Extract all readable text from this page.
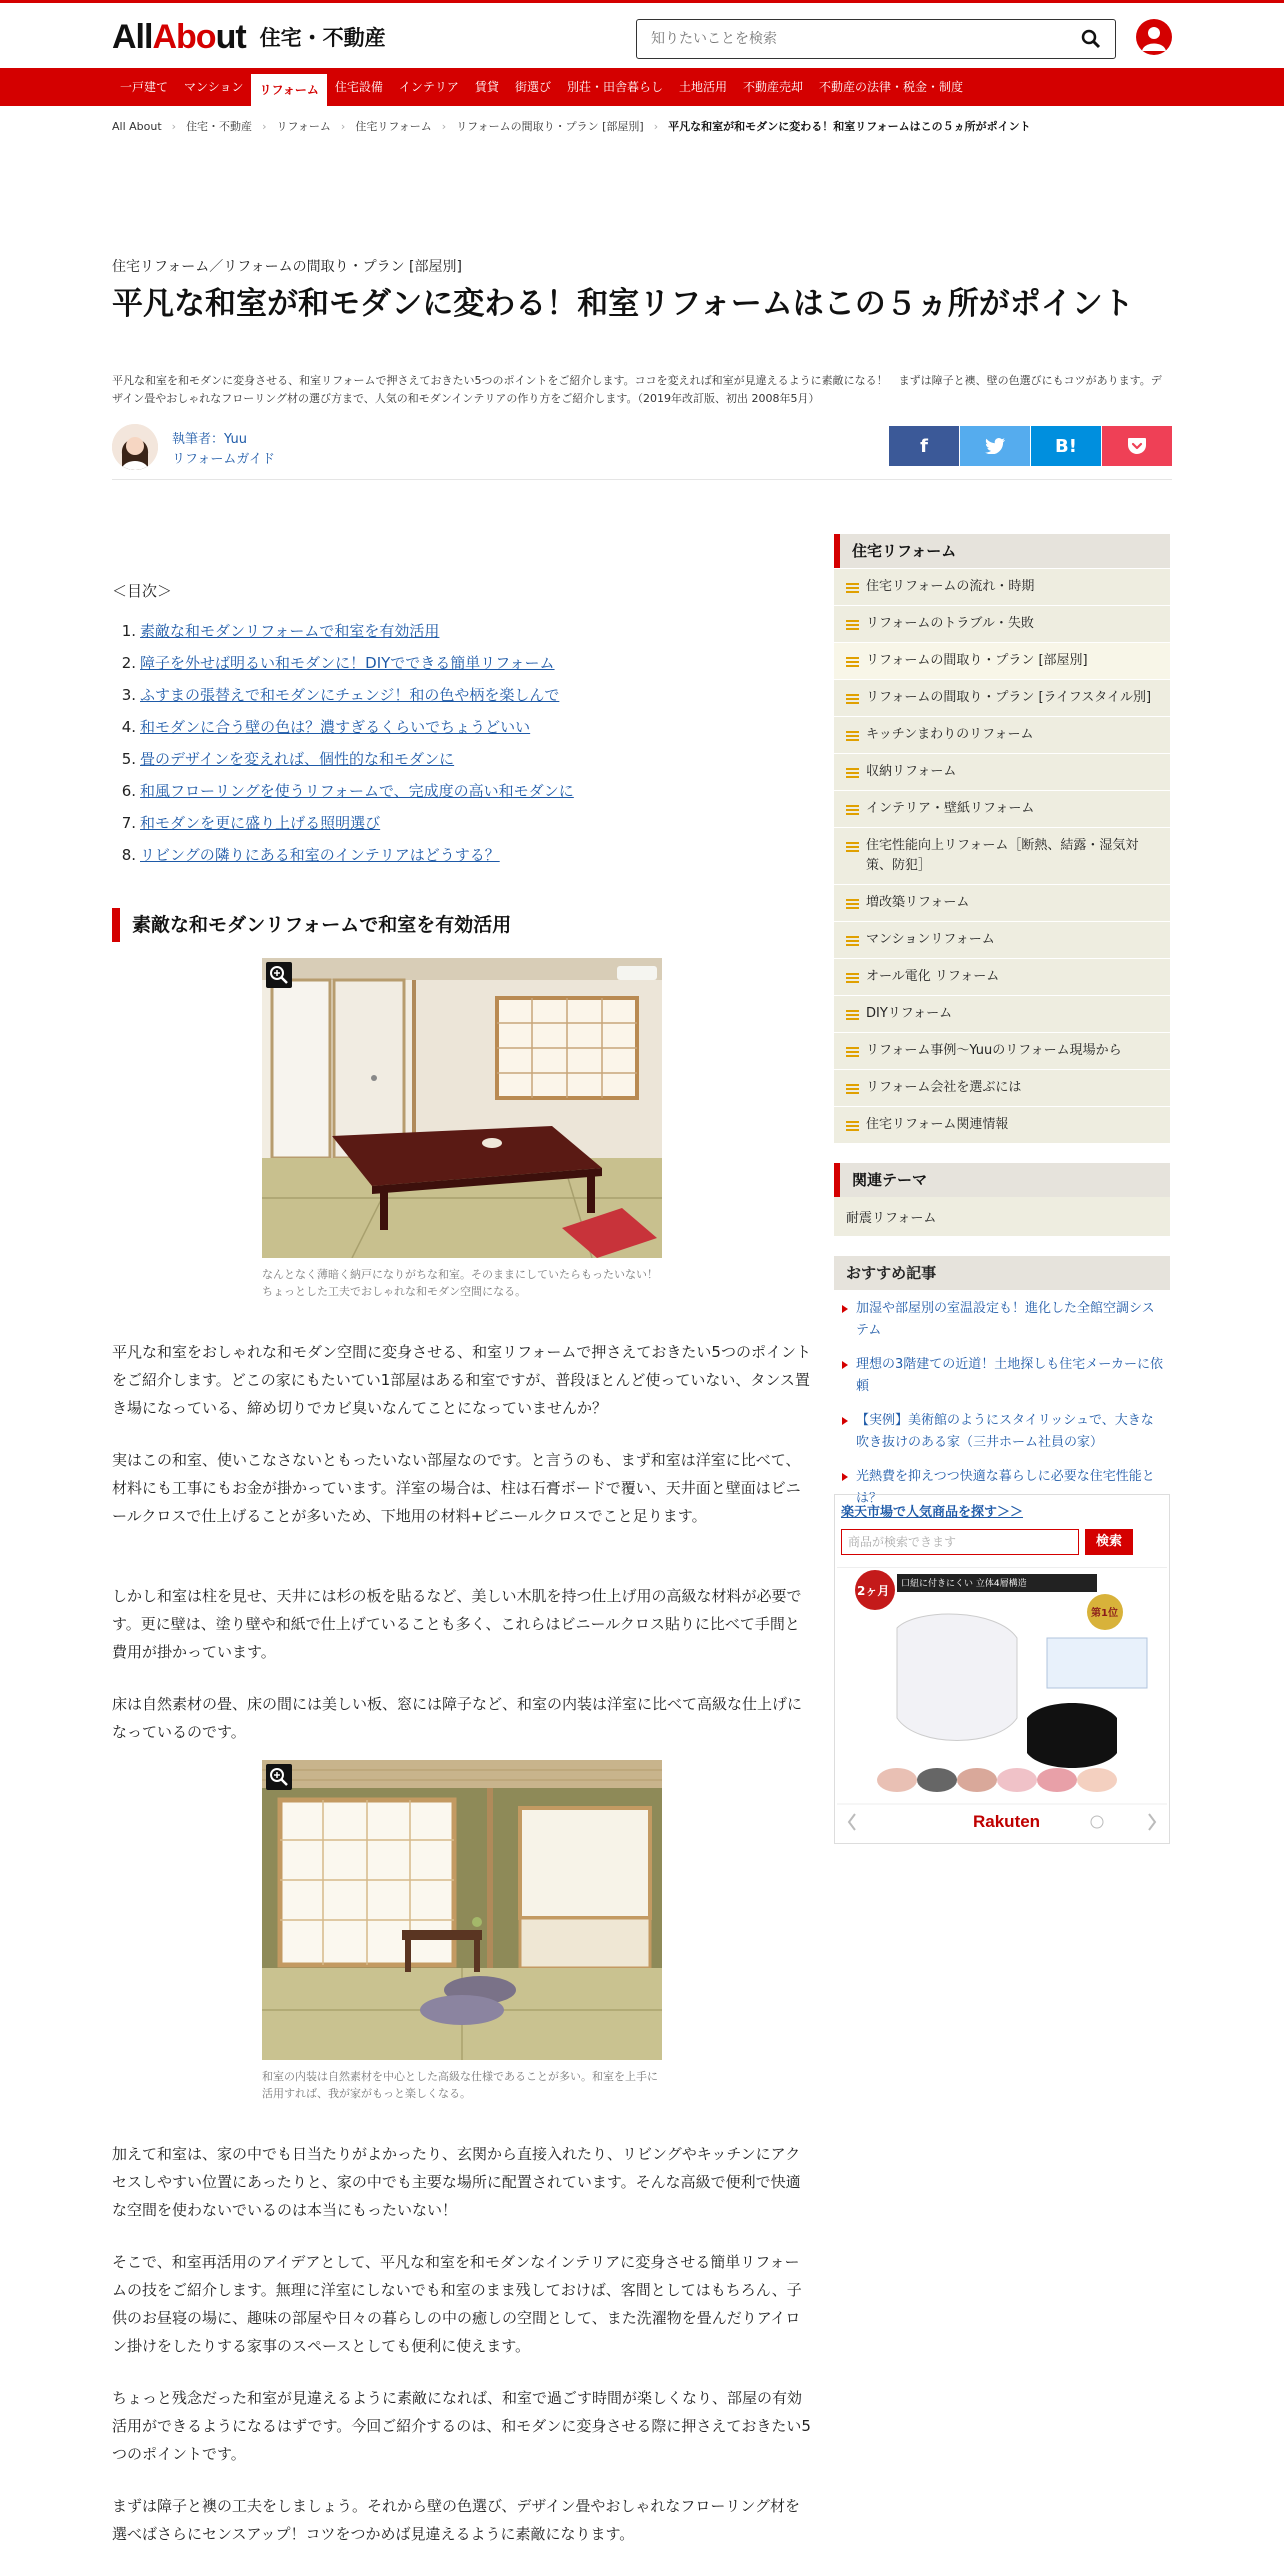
AllAbout 住宅・不動産
知りたいことを検索
一戸建て	マンション	リフォーム	住宅設備	インテリア	賃貸	街選び	別荘・田舎暮らし	土地活用	不動産売却	不動産の法律・税金・制度
All About › 住宅・不動産 › リフォーム › 住宅リフォーム › リフォームの間取り・プラン [部屋別] › 平凡な和室が和モダンに変わる！和室リフォームはこの５ヵ所がポイント
住宅リフォーム／リフォームの間取り・プラン [部屋別]
平凡な和室が和モダンに変わる！和室リフォームはこの５ヵ所がポイント
平凡な和室を和モダンに変身させる、和室リフォームで押さえておきたい5つのポイントをご紹介します。ココを変えれば和室が見違えるように素敵になる！　まずは障子と襖、壁の色選びにもコツがあります。デザイン畳やおしゃれなフローリング材の選び方まで、人気の和モダンインテリアの作り方をご紹介します。（2019年改訂版、初出 2008年5月）
執筆者：Yuu
リフォームガイド
f	B!
＜目次＞
1. 素敵な和モダンリフォームで和室を有効活用
2. 障子を外せば明るい和モダンに！DIYでできる簡単リフォーム
3. ふすまの張替えで和モダンにチェンジ！和の色や柄を楽しんで
4. 和モダンに合う壁の色は？濃すぎるくらいでちょうどいい
5. 畳のデザインを変えれば、個性的な和モダンに
6. 和風フローリングを使うリフォームで、完成度の高い和モダンに
7. 和モダンを更に盛り上げる照明選び
8. リビングの隣りにある和室のインテリアはどうする？
素敵な和モダンリフォームで和室を有効活用
なんとなく薄暗く納戸になりがちな和室。そのままにしていたらもったいない！ちょっとした工夫でおしゃれな和モダン空間になる。
平凡な和室をおしゃれな和モダン空間に変身させる、和室リフォームで押さえておきたい5つのポイントをご紹介します。どこの家にもたいてい1部屋はある和室ですが、普段ほとんど使っていない、タンス置き場になっている、締め切りでカビ臭いなんてことになっていませんか？
実はこの和室、使いこなさないともったいない部屋なのです。と言うのも、まず和室は洋室に比べて、材料にも工事にもお金が掛かっています。洋室の場合は、柱は石膏ボードで覆い、天井面と壁面はビニールクロスで仕上げることが多いため、下地用の材料+ビニールクロスでこと足ります。
しかし和室は柱を見せ、天井には杉の板を貼るなど、美しい木肌を持つ仕上げ用の高級な材料が必要です。更に壁は、塗り壁や和紙で仕上げていることも多く、これらはビニールクロス貼りに比べて手間と費用が掛かっています。
床は自然素材の畳、床の間には美しい板、窓には障子など、和室の内装は洋室に比べて高級な仕上げになっているのです。
和室の内装は自然素材を中心とした高級な仕様であることが多い。和室を上手に活用すれば、我が家がもっと楽しくなる。
加えて和室は、家の中でも日当たりがよかったり、玄関から直接入れたり、リビングやキッチンにアクセスしやすい位置にあったりと、家の中でも主要な場所に配置されています。そんな高級で便利で快適な空間を使わないでいるのは本当にもったいない！
そこで、和室再活用のアイデアとして、平凡な和室を和モダンなインテリアに変身させる簡単リフォームの技をご紹介します。無理に洋室にしないでも和室のまま残しておけば、客間としてはもちろん、子供のお昼寝の場に、趣味の部屋や日々の暮らしの中の癒しの空間として、また洗濯物を畳んだりアイロン掛けをしたりする家事のスペースとしても便利に使えます。
ちょっと残念だった和室が見違えるように素敵になれば、和室で過ごす時間が楽しくなり、部屋の有効活用ができるようになるはずです。今回ご紹介するのは、和モダンに変身させる際に押さえておきたい5つのポイントです。
まずは障子と襖の工夫をしましょう。それから壁の色選び、デザイン畳やおしゃれなフローリング材を選べばさらにセンスアップ！コツをつかめば見違えるように素敵になります。
住宅リフォーム
住宅リフォームの流れ・時期
リフォームのトラブル・失敗
リフォームの間取り・プラン [部屋別]
リフォームの間取り・プラン [ライフスタイル別]
キッチンまわりのリフォーム
収納リフォーム
インテリア・壁紙リフォーム
住宅性能向上リフォーム［断熱、結露・湿気対策、防犯］
増改築リフォーム
マンションリフォーム
オール電化 リフォーム
DIYリフォーム
リフォーム事例～Yuuのリフォーム現場から
リフォーム会社を選ぶには
住宅リフォーム関連情報
関連テーマ
耐震リフォーム
おすすめ記事
加湿や部屋別の室温設定も！進化した全館空調システム
理想の3階建ての近道！土地探しも住宅メーカーに依頼
【実例】美術館のようにスタイリッシュで、大きな吹き抜けのある家（三井ホーム社員の家）
光熱費を抑えつつ快適な暮らしに必要な住宅性能とは？
楽天市場で人気商品を探す＞＞
商品が検索できます	検索
2ヶ月 口紐に付きにくい 立体4層構造
第1位
Rakuten
